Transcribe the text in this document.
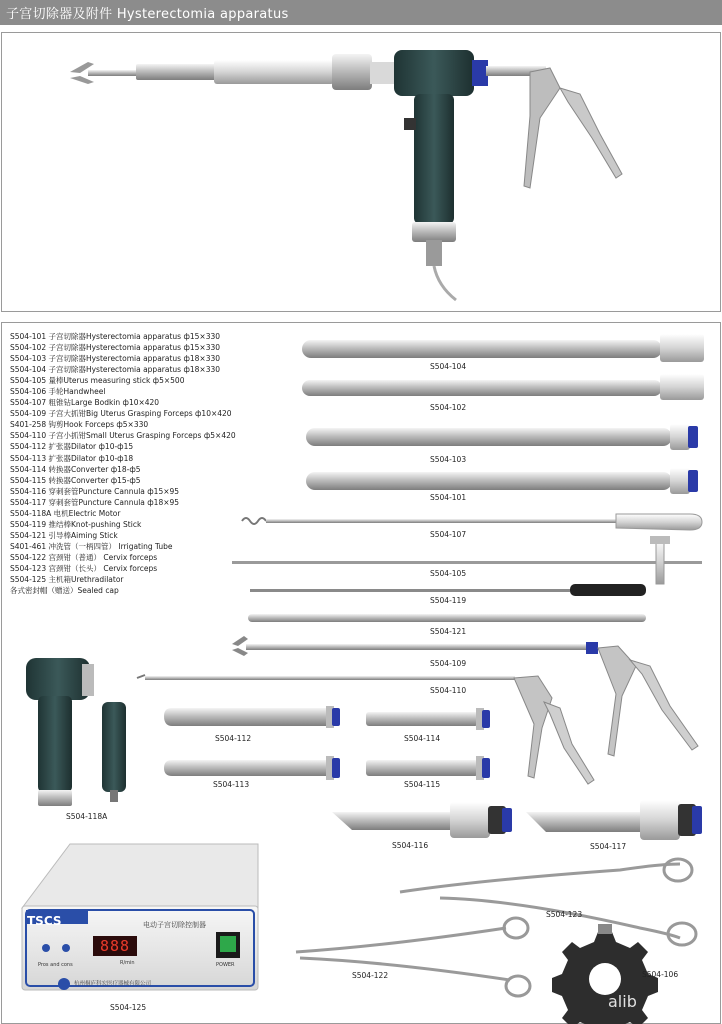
子宫切除器及附件 Hysterectomia apparatus
TSCS	电动子宫切除控制器
888
R/min
Pros and cons	POWER
杭州桐庐科宏医疗器械有限公司
S504-101 子宫切除器Hysterectomia apparatus ф15×330
S504-102 子宫切除器Hysterectomia apparatus ф15×330
S504-103 子宫切除器Hysterectomia apparatus ф18×330
S504-104 子宫切除器Hysterectomia apparatus ф18×330
S504-105 量棒Uterus measuring stick ф5×500
S504-106 手轮Handwheel
S504-107 粗锥钻Large Bodkin ф10×420
S504-109 子宫大抓钳Big Uterus Grasping Forceps ф10×420
S401-258 钩剪Hook Forceps ф5×330
S504-110 子宫小抓钳Small Uterus Grasping Forceps ф5×420
S504-112 扩张器Dilator ф10-ф15
S504-113 扩张器Dilator ф10-ф18
S504-114 转换器Converter ф18-ф5
S504-115 转换器Converter ф15-ф5
S504-116 穿刺套管Puncture Cannula ф15×95
S504-117 穿刺套管Puncture Cannula ф18×95
S504-118A 电机Electric Motor
S504-119 推结棒Knot-pushing Stick
S504-121 引导棒Aiming Stick
S401-461 冲洗管（一柄四管） Irrigating Tube
S504-122 宫颈钳（普通） Cervix forceps
S504-123 宫颈钳（长头） Cervix forceps
S504-125 主机箱Urethradilator
各式密封帽（赠送）Sealed cap
S504-104
S504-102
S504-103
S504-101
S504-107
S504-105
S504-119
S504-121
S504-109
S504-110
S504-112	S504-114
S504-113	S504-115
S504-118A
S504-116	S504-117
S504-123
S504-122	S504-106
S504-125	alib
